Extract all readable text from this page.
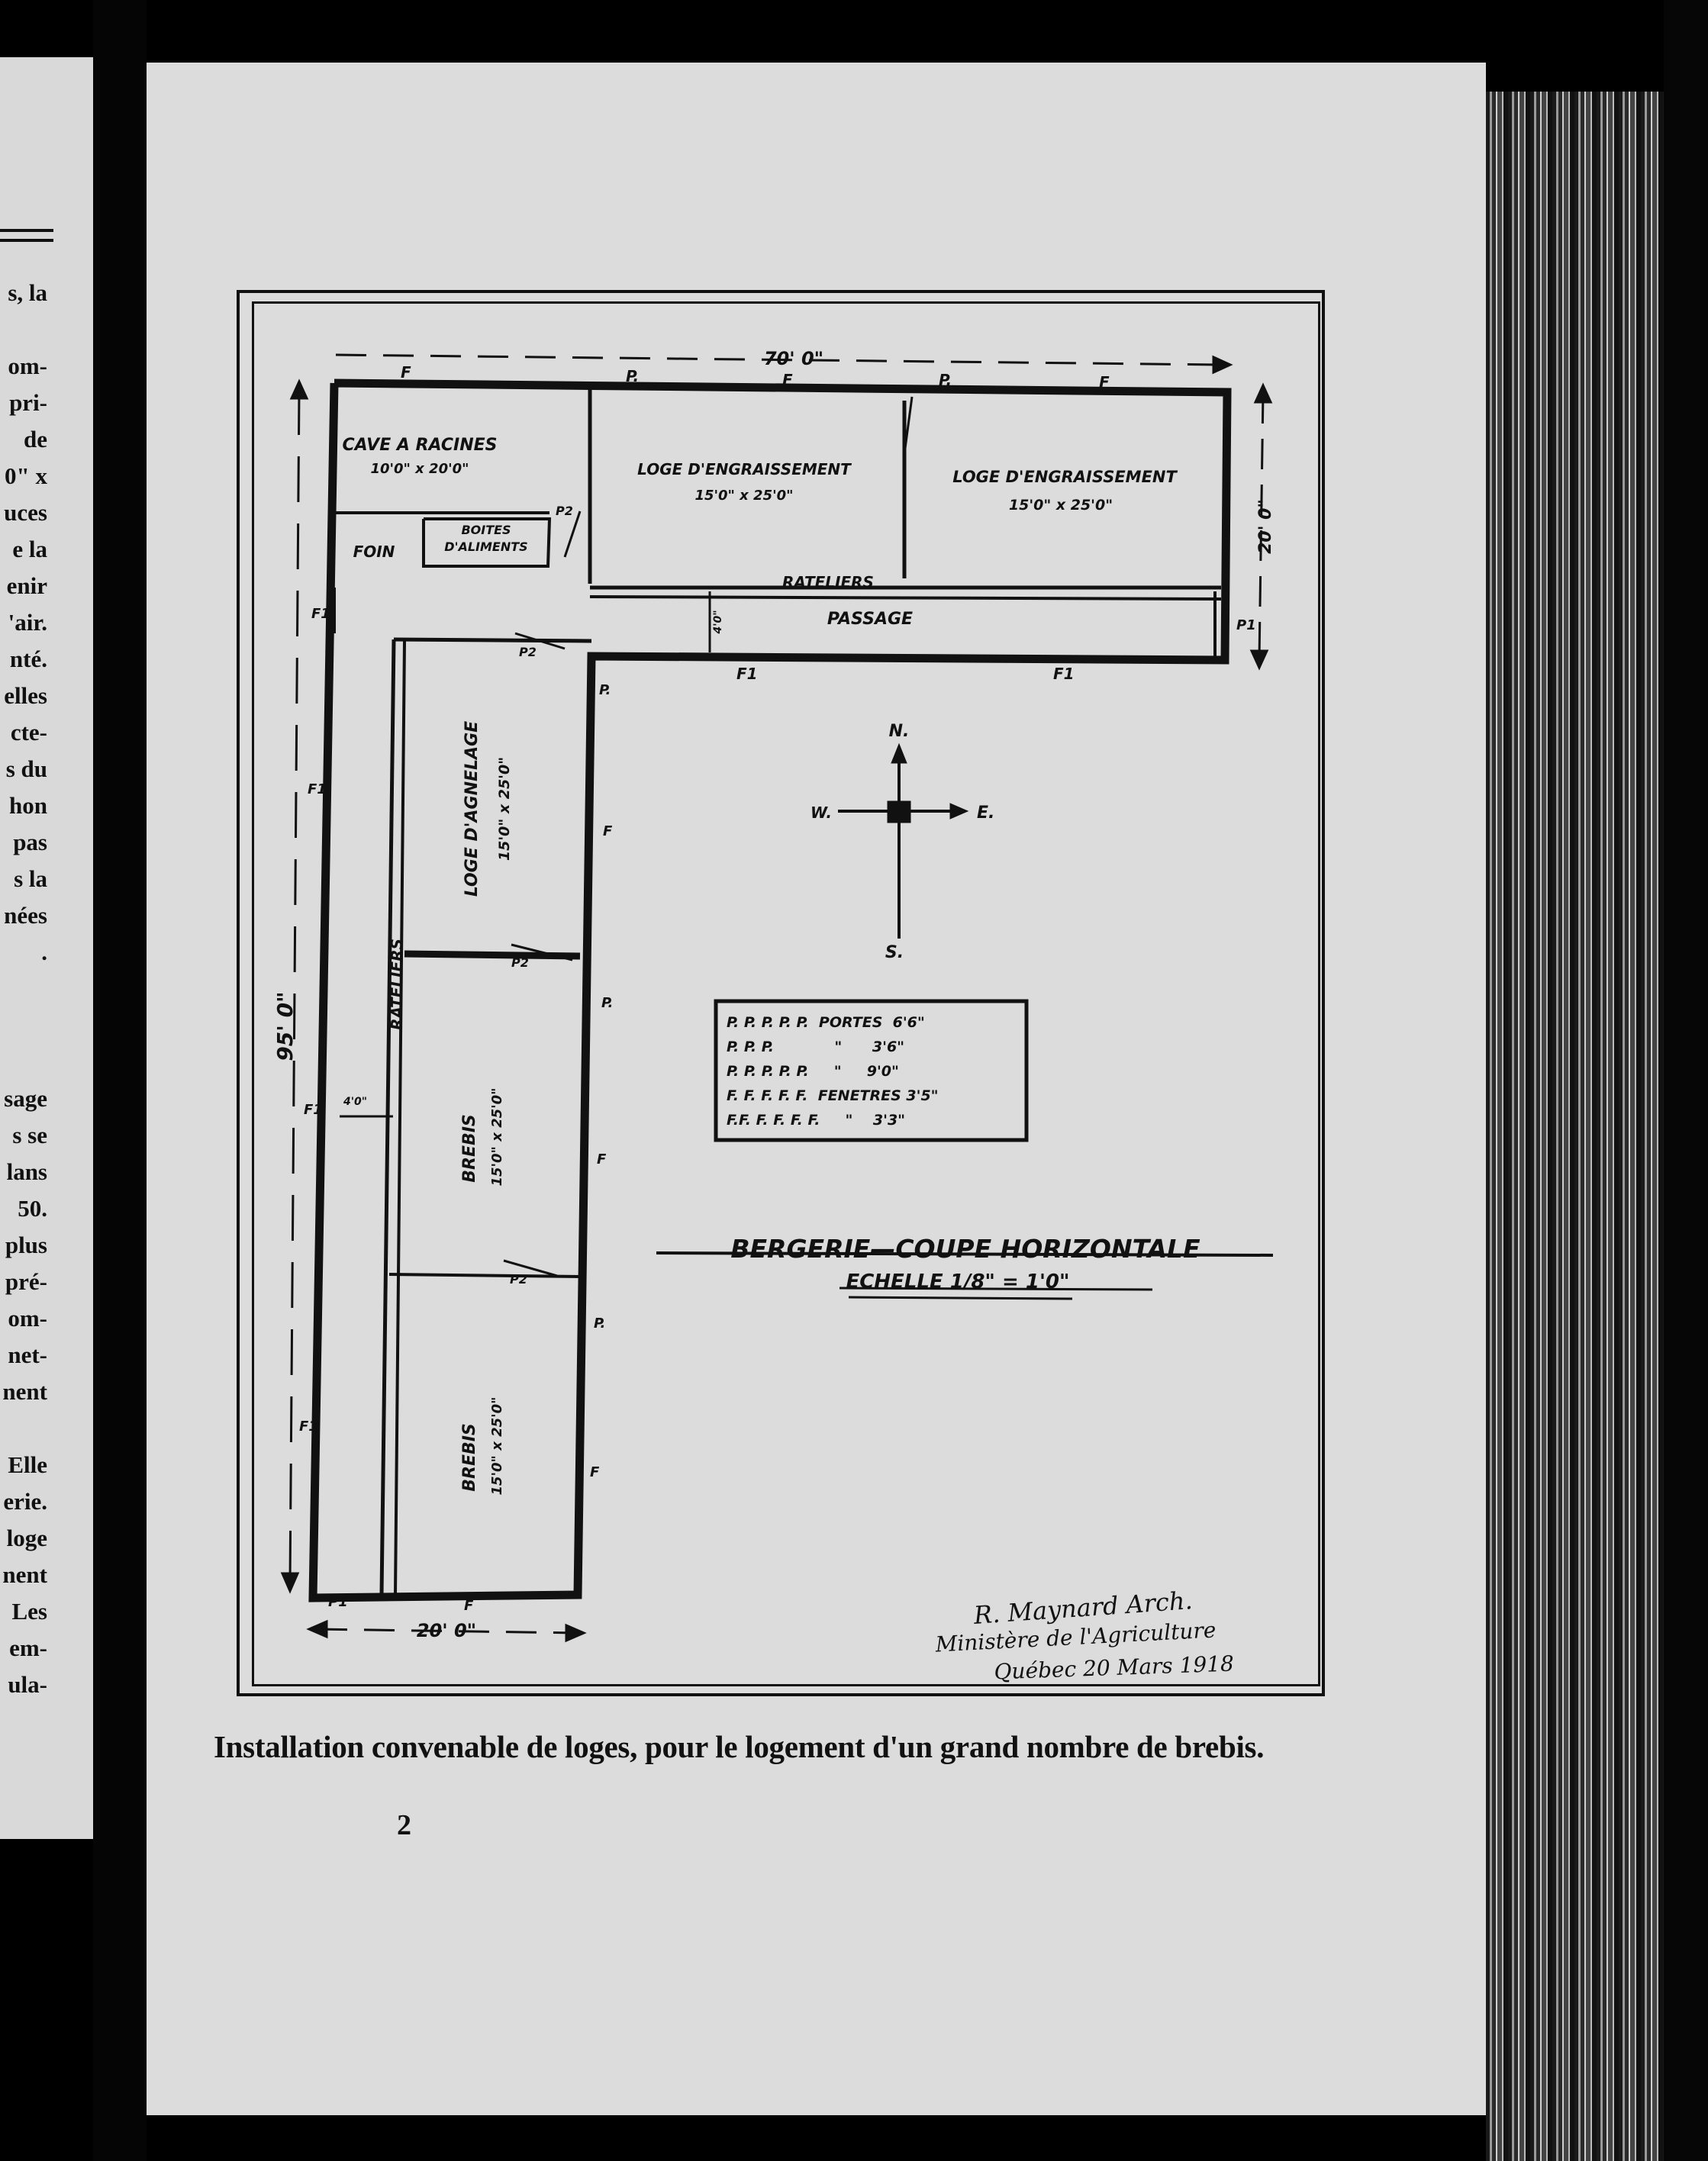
s, la
om-
pri-
de
0" x
uces
e la
enir
'air.
nté.
elles
cte-
s du
hon
pas
s la
nées
.
sage
s se
lans
50.
plus
pré-
om-
net-
nent
Elle
erie.
loge
nent
Les
em-
ula-
CAVE A RACINES
10'0" x 20'0"
FOIN
BOITES
D'ALIMENTS
LOGE D'ENGRAISSEMENT
15'0" x 25'0"
LOGE D'ENGRAISSEMENT
15'0" x 25'0"
RATELIERS
PASSAGE
LOGE D'AGNELAGE 15'0" x 25'0"
RATELIERS
BREBIS 15'0" x 25'0"
BREBIS 15'0" x 25'0"
70' 0"
20' 0"
95' 0"
20' 0"
F	P.	F	P.	F
P2
P2
P2
P2
F1	F1
F1
F1
F1
F1
P1
P1	F
P.
F
P.
F
P.
F
4'0"
4'0"
N.
S.
E.
W.
P. P. P. P. P.  PORTES  6'6"
P. P. P.            "      3'6"
P. P. P. P. P.     "     9'0"
F. F. F. F. F.  FENETRES 3'5"
F.F. F. F. F. F.     "    3'3"
BERGERIE—COUPE HORIZONTALE
ECHELLE 1/8" = 1'0"
R. Maynard Arch.
Ministère de l'Agriculture
Québec 20 Mars 1918
Installation convenable de loges, pour le logement d'un grand nombre de brebis.
2
